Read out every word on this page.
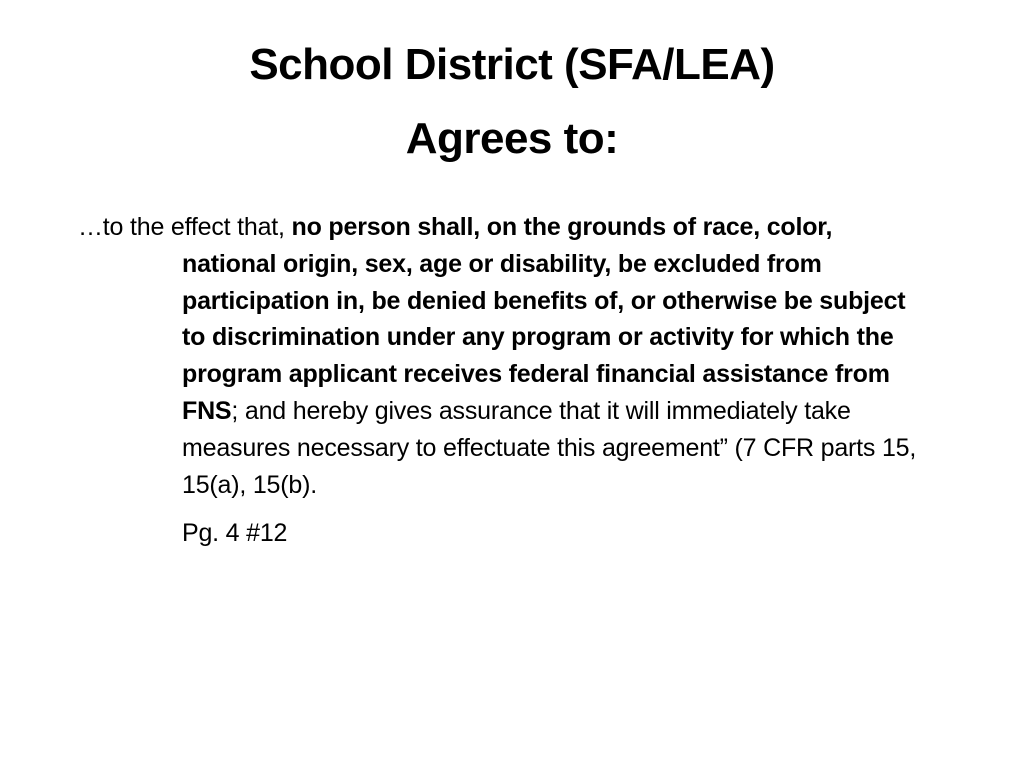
School District (SFA/LEA)
Agrees to:

…to the effect that, no person shall, on the grounds of race, color, national origin, sex, age or disability, be excluded from participation in, be denied benefits of, or otherwise be subject to discrimination under any program or activity for which the program applicant receives federal financial assistance from FNS; and hereby gives assurance that it will immediately take measures necessary to effectuate this agreement” (7 CFR parts 15, 15(a), 15(b).

Pg. 4 #12
